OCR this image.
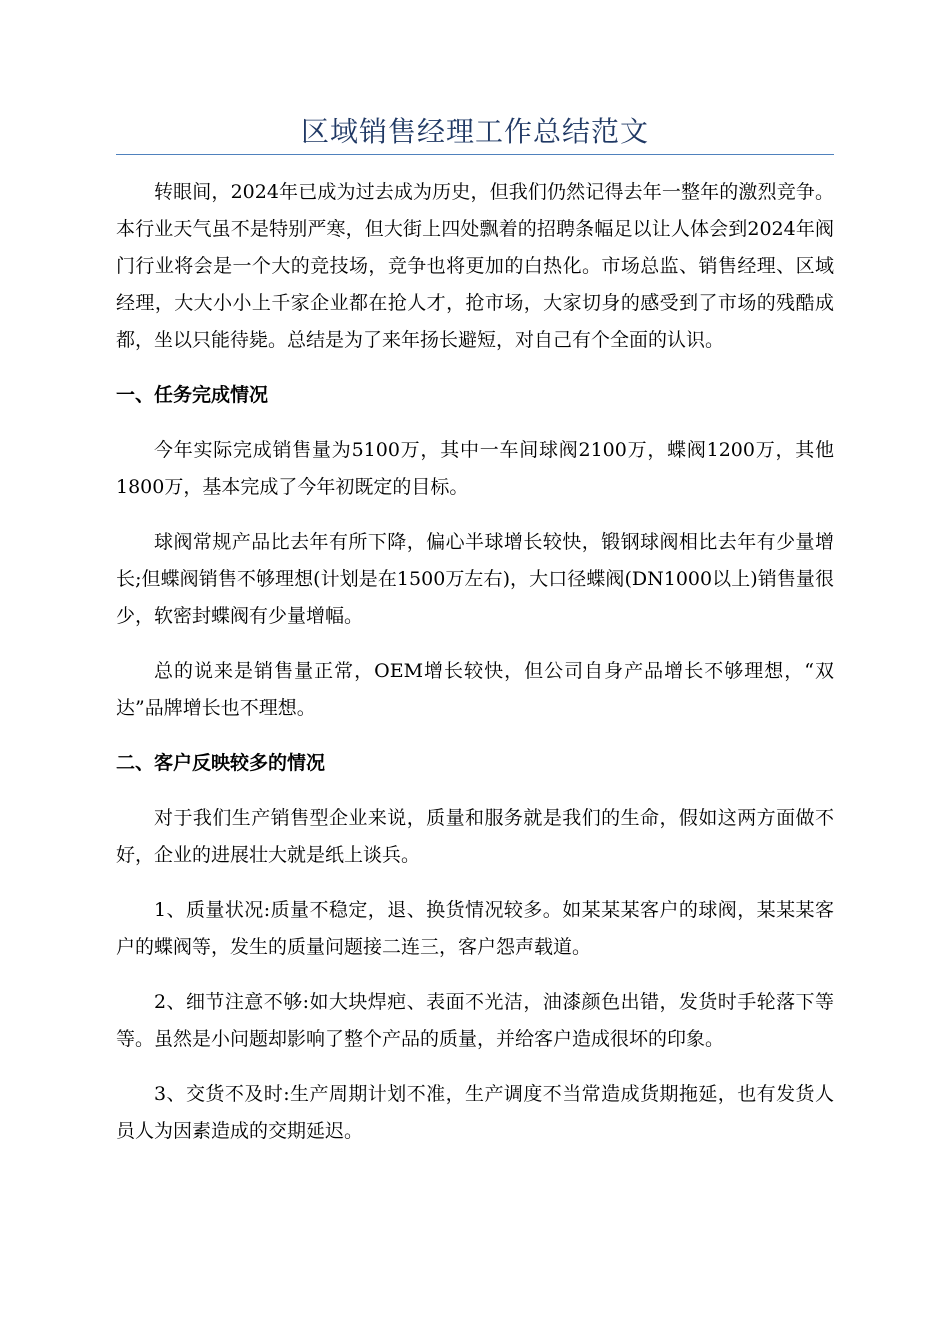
区域销售经理工作总结范文

转眼间，2024年已成为过去成为历史，但我们仍然记得去年一整年的激烈竞争。本行业天气虽不是特别严寒，但大街上四处飘着的招聘条幅足以让人体会到2024年阀门行业将会是一个大的竞技场，竞争也将更加的白热化。市场总监、销售经理、区域经理，大大小小上千家企业都在抢人才，抢市场，大家切身的感受到了市场的残酷成都，坐以只能待毙。总结是为了来年扬长避短，对自己有个全面的认识。

一、任务完成情况

今年实际完成销售量为5100万，其中一车间球阀2100万，蝶阀1200万，其他1800万，基本完成了今年初既定的目标。

球阀常规产品比去年有所下降，偏心半球增长较快，锻钢球阀相比去年有少量增长;但蝶阀销售不够理想(计划是在1500万左右)，大口径蝶阀(DN1000以上)销售量很少，软密封蝶阀有少量增幅。

总的说来是销售量正常，OEM增长较快，但公司自身产品增长不够理想，“双达”品牌增长也不理想。

二、客户反映较多的情况

对于我们生产销售型企业来说，质量和服务就是我们的生命，假如这两方面做不好，企业的进展壮大就是纸上谈兵。

1、质量状况:质量不稳定，退、换货情况较多。如某某某客户的球阀，某某某客户的蝶阀等，发生的质量问题接二连三，客户怨声载道。

2、细节注意不够:如大块焊疤、表面不光洁，油漆颜色出错，发货时手轮落下等等。虽然是小问题却影响了整个产品的质量，并给客户造成很坏的印象。

3、交货不及时:生产周期计划不准，生产调度不当常造成货期拖延，也有发货人员人为因素造成的交期延迟。
